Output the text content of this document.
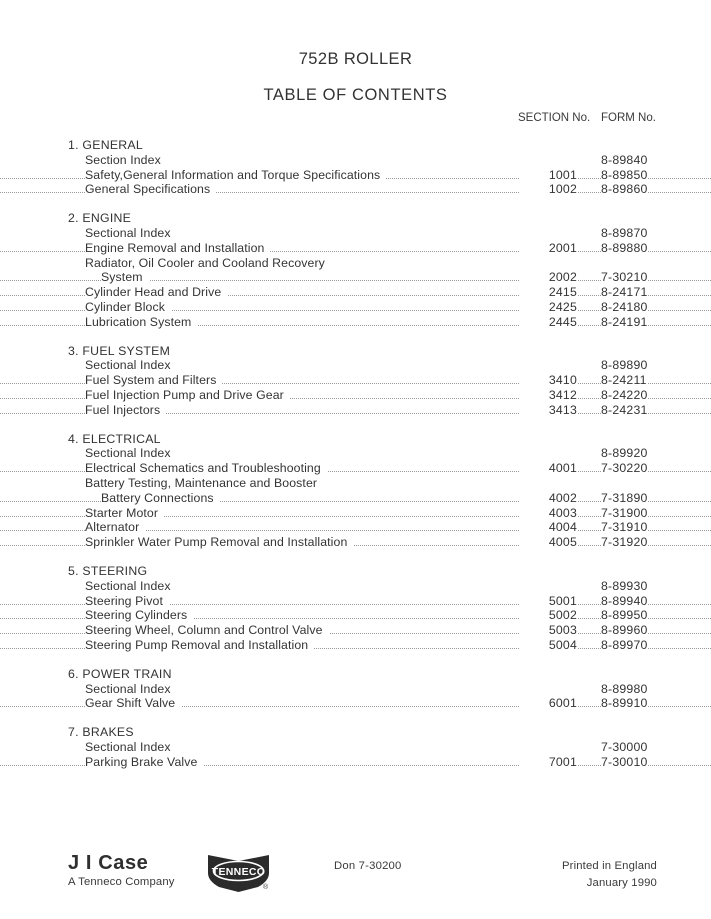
752B ROLLER
TABLE OF CONTENTS
SECTION No. FORM No.
1. GENERAL
Section Index	8-89840
Safety,General Information and Torque Specifications	1001 8-89850
General Specifications	1002 8-89860
2. ENGINE
Sectional Index	8-89870
Engine Removal and Installation	2001 8-89880
Radiator, Oil Cooler and Cooland Recovery
System	2002 7-30210
Cylinder Head and Drive	2415 8-24171
Cylinder Block	2425 8-24180
Lubrication System	2445 8-24191
3. FUEL SYSTEM
Sectional Index	8-89890
Fuel System and Filters	3410 8-24211
Fuel Injection Pump and Drive Gear	3412 8-24220
Fuel Injectors	3413 8-24231
4. ELECTRICAL
Sectional Index	8-89920
Electrical Schematics and Troubleshooting	4001 7-30220
Battery Testing, Maintenance and Booster
Battery Connections	4002 7-31890
Starter Motor	4003 7-31900
Alternator	4004 7-31910
Sprinkler Water Pump Removal and Installation	4005 7-31920
5. STEERING
Sectional Index	8-89930
Steering Pivot	5001 8-89940
Steering Cylinders	5002 8-89950
Steering Wheel, Column and Control Valve	5003 8-89960
Steering Pump Removal and Installation	5004 8-89970
6. POWER TRAIN
Sectional Index	8-89980
Gear Shift Valve	6001 8-89910
7. BRAKES
Sectional Index	7-30000
Parking Brake Valve	7001 7-30010
J I Case
A Tenneco Company
TENNECO
®
Don 7-30200	Printed in England
January 1990
